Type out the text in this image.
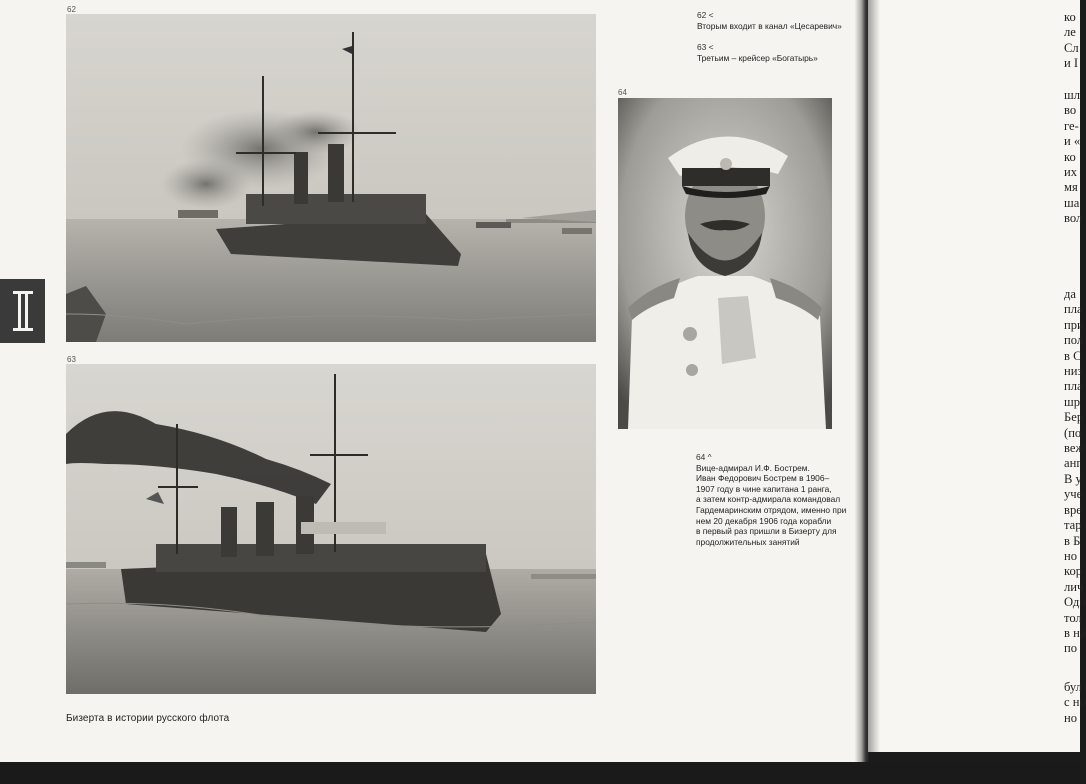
62
63
64
62 <
Вторым входит в канал «Цесаревич»
63 <
Третьим – крейсер «Богатырь»
64 ^
Вице-адмирал И.Ф. Бострем.
Иван Федорович Бострем в 1906–
1907 году в чине капитана 1 ранга,
а затем контр-адмирала командовал
Гардемаринским отрядом, именно при
нем 20 декабря 1906 года корабли
в первый раз пришли в Бизерту для
продолжительных занятий
Бизерта в истории русского флота
ко
ле
Сл
и I
шл
во
ге-
и «
ко
их
мя
ша
вол
да
пла
при
пол
в С
низ
пла
шр
Бер
(по
веж
анг
В у
уче
вре
тар
в Б
но
кор
лич
Одн
тол
в на
по
бул
с но
но
